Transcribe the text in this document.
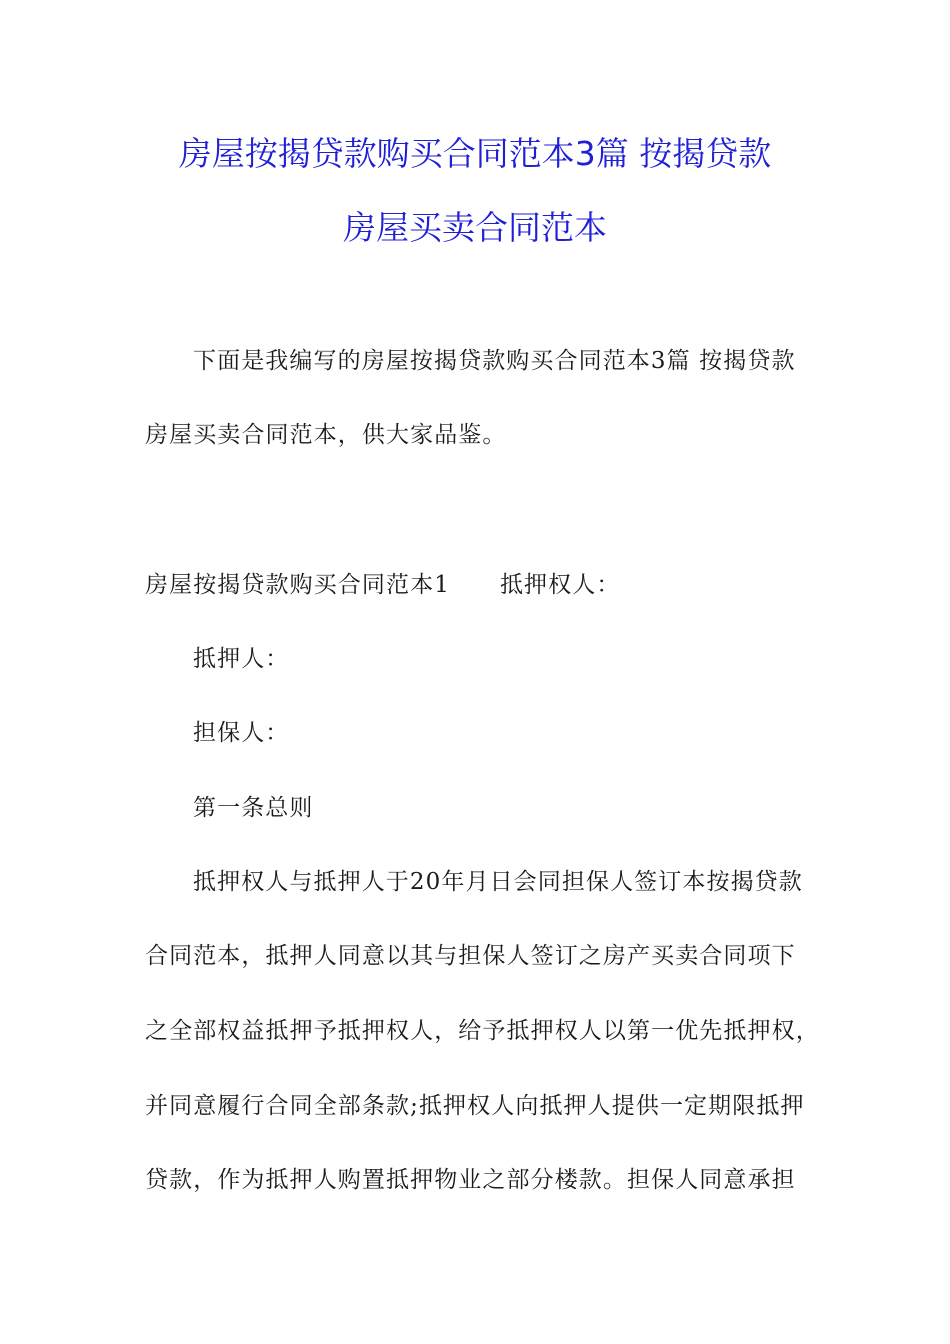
房屋按揭贷款购买合同范本3篇 按揭贷款
房屋买卖合同范本

下面是我编写的房屋按揭贷款购买合同范本3篇 按揭贷款

房屋买卖合同范本，供大家品鉴。

房屋按揭贷款购买合同范本1 抵押权人：

抵押人：

担保人：

第一条总则

抵押权人与抵押人于20年月日会同担保人签订本按揭贷款

合同范本，抵押人同意以其与担保人签订之房产买卖合同项下

之全部权益抵押予抵押权人，给予抵押权人以第一优先抵押权，

并同意履行合同全部条款;抵押权人向抵押人提供一定期限抵押

贷款，作为抵押人购置抵押物业之部分楼款。担保人同意承担
